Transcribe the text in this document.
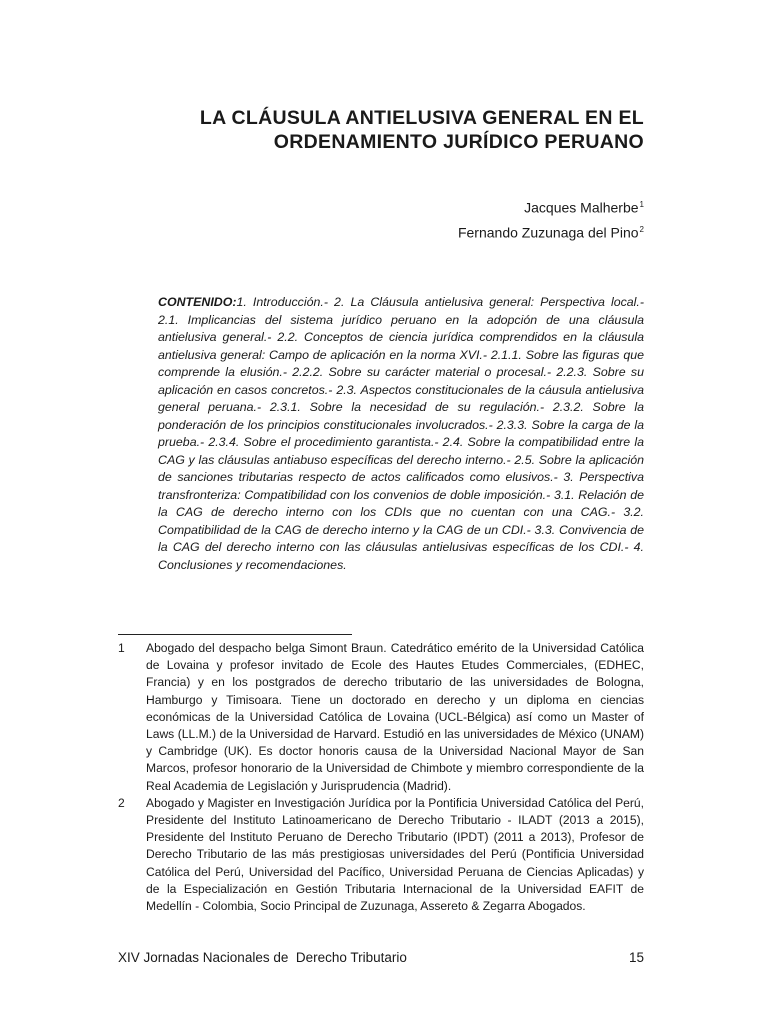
LA CLÁUSULA ANTIELUSIVA GENERAL EN EL
ORDENAMIENTO JURÍDICO PERUANO
Jacques Malherbe$^1$
Fernando Zuzunaga del Pino$^2$
CONTENIDO:1. Introducción.- 2. La Cláusula antielusiva general: Perspectiva local.- 2.1. Implicancias del sistema jurídico peruano en la adopción de una cláusula antielusiva general.- 2.2. Conceptos de ciencia jurídica comprendidos en la cláusula antielusiva general: Campo de aplicación en la norma XVI.- 2.1.1. Sobre las figuras que comprende la elusión.- 2.2.2. Sobre su carácter material o procesal.- 2.2.3. Sobre su aplicación en casos concretos.- 2.3. Aspectos constitucionales de la cáusula antielusiva general peruana.- 2.3.1. Sobre la necesidad de su regulación.- 2.3.2. Sobre la ponderación de los principios constitucionales involucrados.- 2.3.3. Sobre la carga de la prueba.- 2.3.4. Sobre el procedimiento garantista.- 2.4. Sobre la compatibilidad entre la CAG y las cláusulas antiabuso específicas del derecho interno.- 2.5. Sobre la aplicación de sanciones tributarias respecto de actos calificados como elusivos.- 3. Perspectiva transfronteriza: Compatibilidad con los convenios de doble imposición.- 3.1. Relación de la CAG de derecho interno con los CDIs que no cuentan con una CAG.- 3.2. Compatibilidad de la CAG de derecho interno y la CAG de un CDI.- 3.3. Convivencia de la CAG del derecho interno con las cláusulas antielusivas específicas de los CDI.- 4. Conclusiones y recomendaciones.
1	Abogado del despacho belga Simont Braun. Catedrático emérito de la Universidad Católica de Lovaina y profesor invitado de Ecole des Hautes Etudes Commerciales, (EDHEC, Francia) y en los postgrados de derecho tributario de las universidades de Bologna, Hamburgo y Timisoara. Tiene un doctorado en derecho y un diploma en ciencias económicas de la Universidad Católica de Lovaina (UCL-Bélgica) así como un Master of Laws (LL.M.) de la Universidad de Harvard. Estudió en las universidades de México (UNAM) y Cambridge (UK). Es doctor honoris causa de la Universidad Nacional Mayor de San Marcos, profesor honorario de la Universidad de Chimbote y miembro correspondiente de la Real Academia de Legislación y Jurisprudencia (Madrid).
2	Abogado y Magister en Investigación Jurídica por la Pontificia Universidad Católica del Perú, Presidente del Instituto Latinoamericano de Derecho Tributario - ILADT (2013 a 2015), Presidente del Instituto Peruano de Derecho Tributario (IPDT) (2011 a 2013), Profesor de Derecho Tributario de las más prestigiosas universidades del Perú (Pontificia Universidad Católica del Perú, Universidad del Pacífico, Universidad Peruana de Ciencias Aplicadas) y de la Especialización en Gestión Tributaria Internacional de la Universidad EAFIT de Medellín - Colombia, Socio Principal de Zuzunaga, Assereto & Zegarra Abogados.
XIV Jornadas Nacionales de  Derecho Tributario	15
